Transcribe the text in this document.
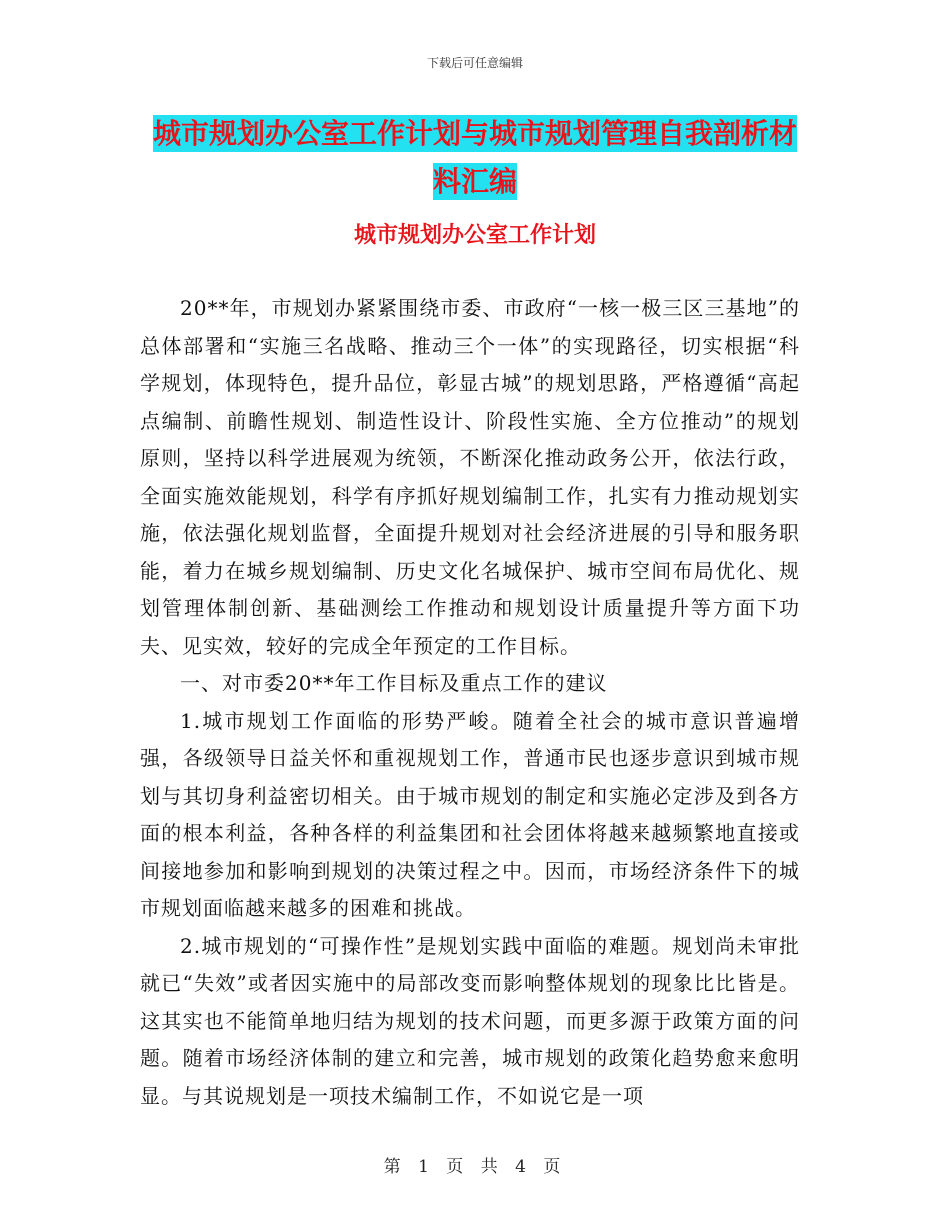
下载后可任意编辑
城市规划办公室工作计划与城市规划管理自我剖析材
料汇编
城市规划办公室工作计划

20**年，市规划办紧紧围绕市委、市政府“一核一极三区三基地”的总体部署和“实施三名战略、推动三个一体”的实现路径，切实根据“科学规划，体现特色，提升品位，彰显古城”的规划思路，严格遵循“高起点编制、前瞻性规划、制造性设计、阶段性实施、全方位推动”的规划原则，坚持以科学进展观为统领，不断深化推动政务公开，依法行政，全面实施效能规划，科学有序抓好规划编制工作，扎实有力推动规划实施，依法强化规划监督，全面提升规划对社会经济进展的引导和服务职能，着力在城乡规划编制、历史文化名城保护、城市空间布局优化、规划管理体制创新、基础测绘工作推动和规划设计质量提升等方面下功夫、见实效，较好的完成全年预定的工作目标。

一、对市委20**年工作目标及重点工作的建议

1.城市规划工作面临的形势严峻。随着全社会的城市意识普遍增强，各级领导日益关怀和重视规划工作，普通市民也逐步意识到城市规划与其切身利益密切相关。由于城市规划的制定和实施必定涉及到各方面的根本利益，各种各样的利益集团和社会团体将越来越频繁地直接或间接地参加和影响到规划的决策过程之中。因而，市场经济条件下的城市规划面临越来越多的困难和挑战。

2.城市规划的“可操作性”是规划实践中面临的难题。规划尚未审批就已“失效”或者因实施中的局部改变而影响整体规划的现象比比皆是。这其实也不能简单地归结为规划的技术问题，而更多源于政策方面的问题。随着市场经济体制的建立和完善，城市规划的政策化趋势愈来愈明显。与其说规划是一项技术编制工作，不如说它是一项

第 1 页 共 4 页
